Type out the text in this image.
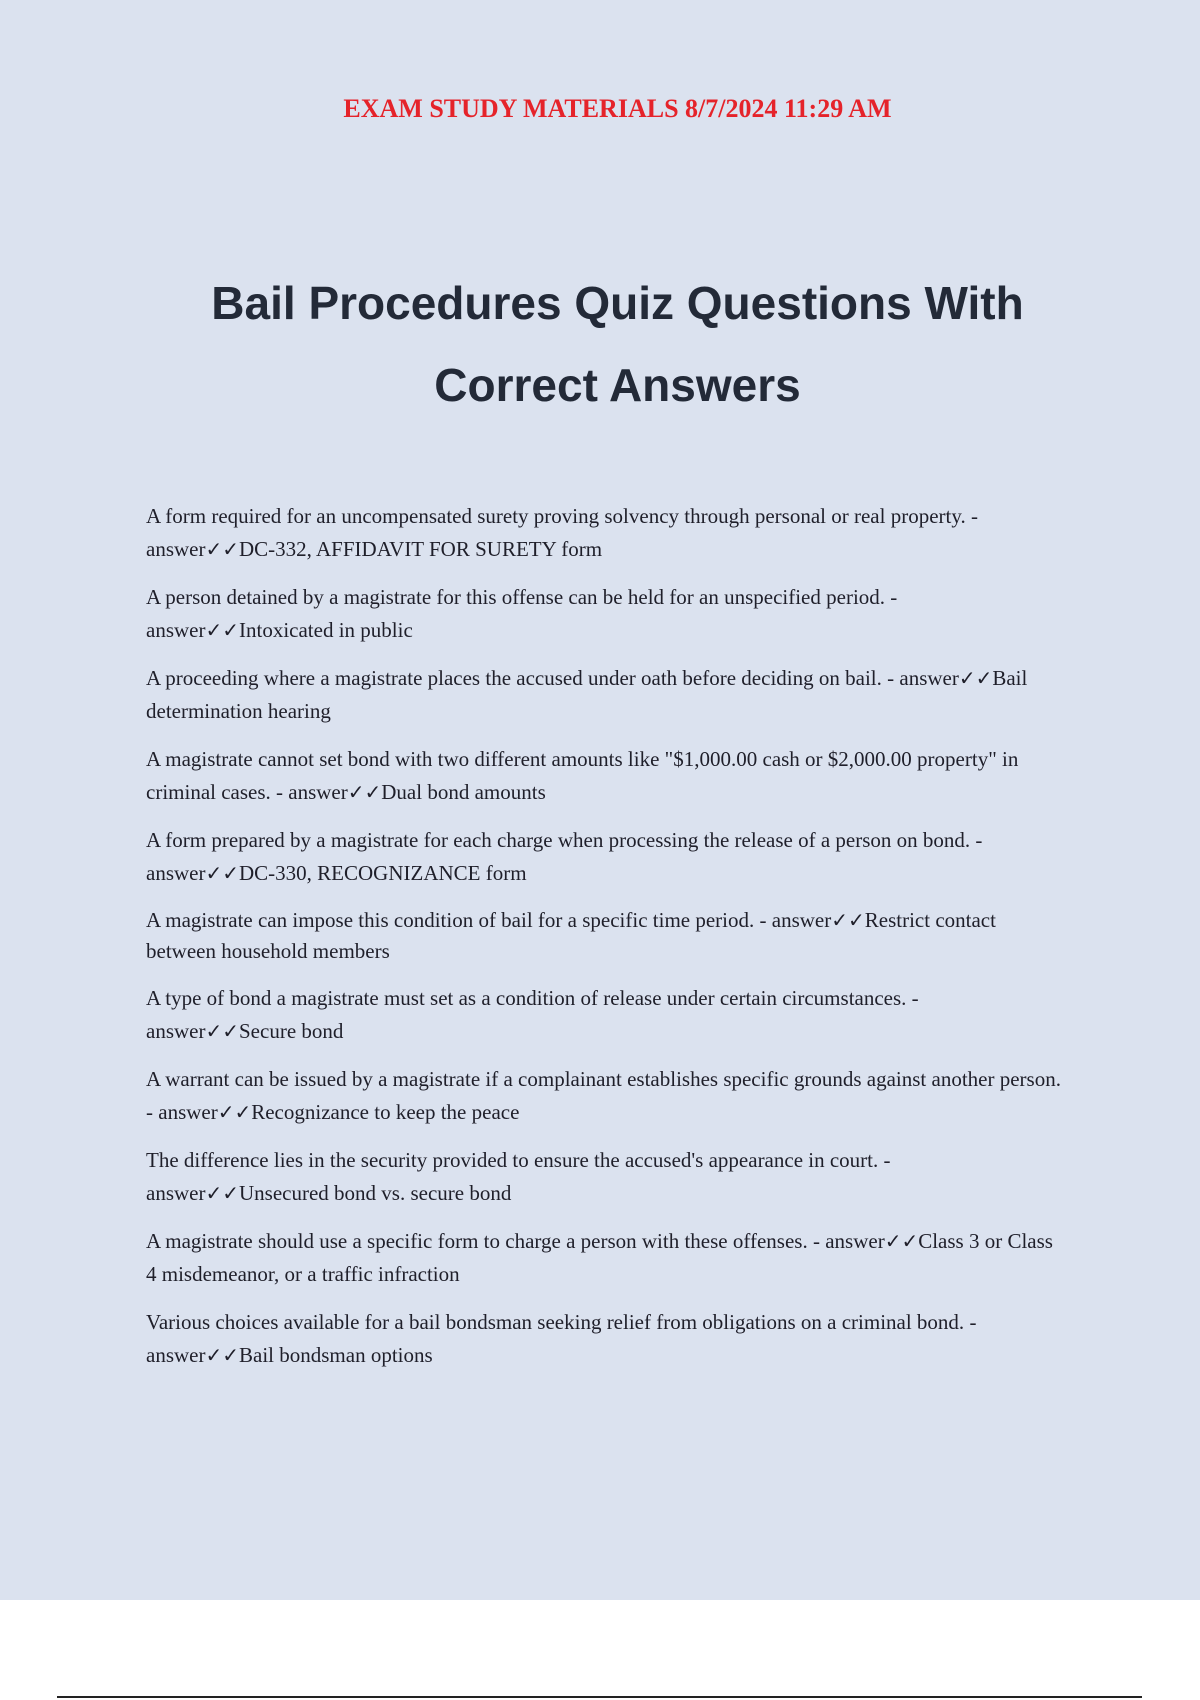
EXAM STUDY MATERIALS 8/7/2024 11:29 AM
Bail Procedures Quiz Questions With
Correct Answers
A form required for an uncompensated surety proving solvency through personal or real property. - answer✓✓DC-332, AFFIDAVIT FOR SURETY form
A person detained by a magistrate for this offense can be held for an unspecified period. - answer✓✓Intoxicated in public
A proceeding where a magistrate places the accused under oath before deciding on bail. - answer✓✓Bail determination hearing
A magistrate cannot set bond with two different amounts like "$1,000.00 cash or $2,000.00 property" in criminal cases. - answer✓✓Dual bond amounts
A form prepared by a magistrate for each charge when processing the release of a person on bond. - answer✓✓DC-330, RECOGNIZANCE form
A magistrate can impose this condition of bail for a specific time period. - answer✓✓Restrict contact between household members
A type of bond a magistrate must set as a condition of release under certain circumstances. - answer✓✓Secure bond
A warrant can be issued by a magistrate if a complainant establishes specific grounds against another person. - answer✓✓Recognizance to keep the peace
The difference lies in the security provided to ensure the accused's appearance in court. - answer✓✓Unsecured bond vs. secure bond
A magistrate should use a specific form to charge a person with these offenses. - answer✓✓Class 3 or Class 4 misdemeanor, or a traffic infraction
Various choices available for a bail bondsman seeking relief from obligations on a criminal bond. - answer✓✓Bail bondsman options
